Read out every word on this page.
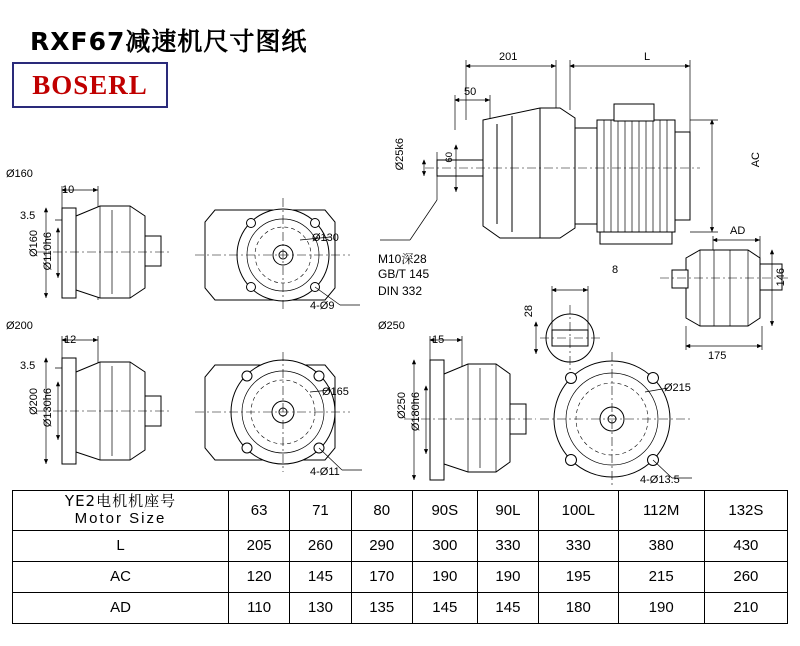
RXF67减速机尺寸图纸
BOSERL
201	L
50
Ø25k6	60	AC
M10深28
GB/T 145
DIN 332
8
28
AD
146
175
Ø160
10
3.5
Ø160 Ø110h6	Ø130
4-Ø9
Ø200
12
3.5
Ø200 Ø130h6	Ø165
4-Ø11
Ø250
15
Ø250 Ø180h6
Ø215
4-Ø13.5
YE2电机机座号
Motor Size	63	71	80	90S	90L	100L	112M	132S

L	205	260	290	300	330	330	380	430
AC	120	145	170	190	190	195	215	260
AD	110	130	135	145	145	180	190	210
